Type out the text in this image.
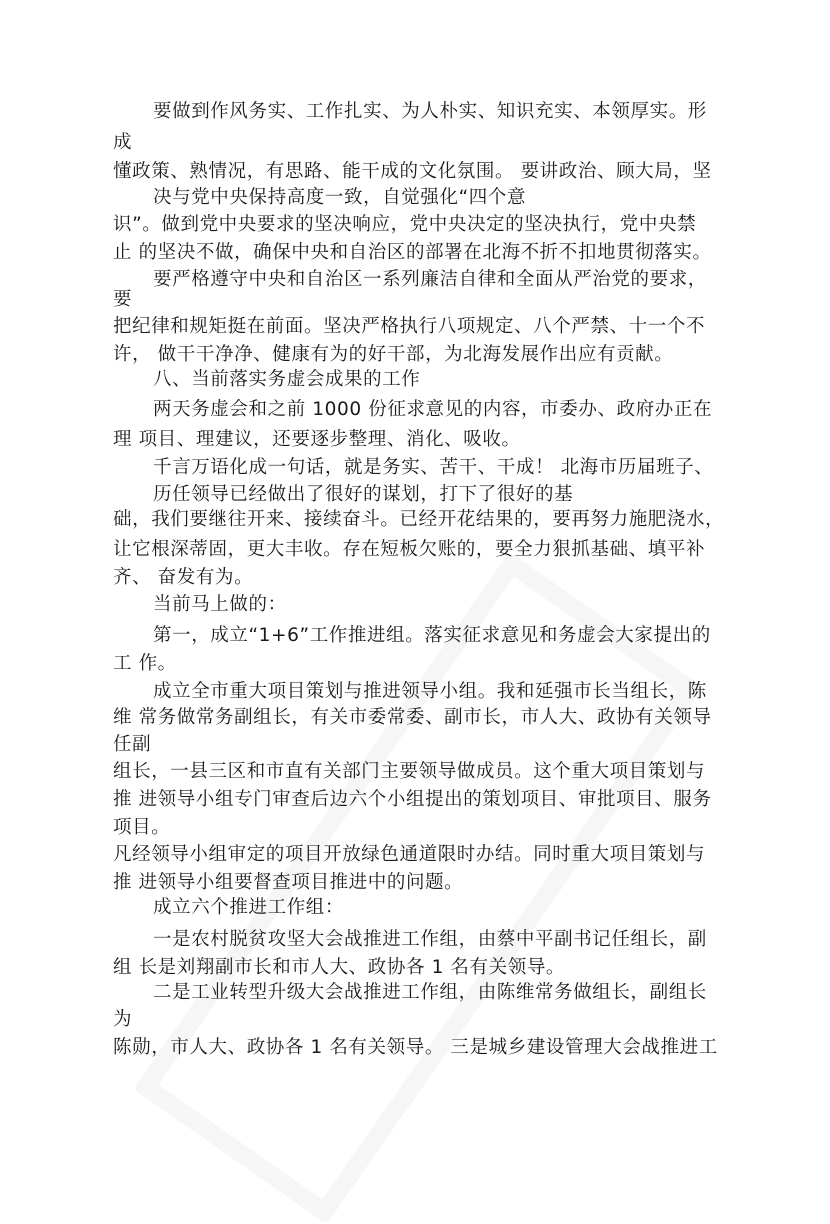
要做到作风务实、工作扎实、为人朴实、知识充实、本领厚实。形
成
懂政策、熟情况，有思路、能干成的文化氛围。 要讲政治、顾大局，坚
决与党中央保持高度一致，自觉强化“四个意
识”。做到党中央要求的坚决响应，党中央决定的坚决执行，党中央禁
止 的坚决不做，确保中央和自治区的部署在北海不折不扣地贯彻落实。
要严格遵守中央和自治区一系列廉洁自律和全面从严治党的要求，
要
把纪律和规矩挺在前面。坚决严格执行八项规定、八个严禁、十一个不
许， 做干干净净、健康有为的好干部，为北海发展作出应有贡献。
八、当前落实务虚会成果的工作
两天务虚会和之前 1000 份征求意见的内容，市委办、政府办正在
理 项目、理建议，还要逐步整理、消化、吸收。
千言万语化成一句话，就是务实、苦干、干成！ 北海市历届班子、
历任领导已经做出了很好的谋划，打下了很好的基
础，我们要继往开来、接续奋斗。已经开花结果的，要再努力施肥浇水，
让它根深蒂固，更大丰收。存在短板欠账的，要全力狠抓基础、填平补
齐、 奋发有为。
当前马上做的：
第一，成立“1+6”工作推进组。落实征求意见和务虚会大家提出的
工 作。
成立全市重大项目策划与推进领导小组。我和延强市长当组长，陈
维 常务做常务副组长，有关市委常委、副市长，市人大、政协有关领导
任副
组长，一县三区和市直有关部门主要领导做成员。这个重大项目策划与
推 进领导小组专门审查后边六个小组提出的策划项目、审批项目、服务
项目。
凡经领导小组审定的项目开放绿色通道限时办结。同时重大项目策划与
推 进领导小组要督查项目推进中的问题。
成立六个推进工作组：
一是农村脱贫攻坚大会战推进工作组，由蔡中平副书记任组长，副
组 长是刘翔副市长和市人大、政协各 1 名有关领导。
二是工业转型升级大会战推进工作组，由陈维常务做组长，副组长
为
陈勋，市人大、政协各 1 名有关领导。 三是城乡建设管理大会战推进工
